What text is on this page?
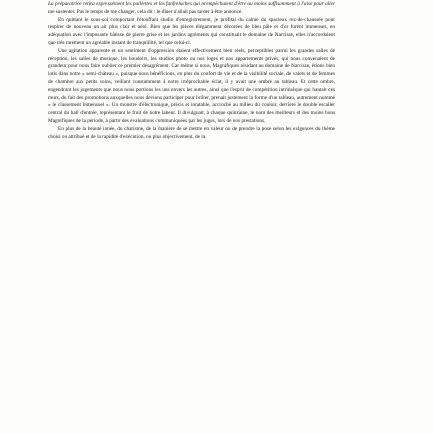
La préparatrice retira expressément les paillettes et les fanfreluches qui m'empêchaient d'être au moins suffisamment à l'aise pour aller me sustenter. Pas le temps de me changer, cela dit : le dîner n'allait pas tarder à être annoncé.

En quittant le sous-sol comportant l'étouffant studio d'enregistrement, je profitai du calme du spacieux rez-de-chaussée pour respirer de nouveau un air plus clair et aéré. Bien que les pièces élégamment décorées de bleu pâle et d'or furent immenses, en adéquation avec l'imposante bâtisse de pierre grise et les jardins agréments qui constituait le domaine de Narcisse, elles n'accordaient que très rarement un agréable instant de tranquillité, tel que celui-ci.

Une agitation apparente et un sentiment d'oppression étaient effectivement bien réels, perceptibles parmi les grandes salles de réception, les salles de musique, les boudoirs, les studios photo ou nos loges et nos appartements privés, qui nous convenaient de grandeur pour nous faire oublier ce premier désagrément. Car même si nous, Magnifiques résidant au domaine de Narcisse, étions bien lotis dans notre « semi-château », puisque nous bénéficions, en plus du confort de vie et de la visibilité sociale, de valets et de femmes de chambre aux petits soins, veillant constamment à notre irréprochable éclat, il y avait une ombre au tableau. Et cette ombre, engendrant les jugements que nous nous portions les uns envers les autres, ainsi que l'esprit de compétition intrinsèque qui hantait ces murs, du fait des promotions auxquelles nous devions participer pour briller, prenait justement la forme d'un tableau, autrement nommé « le classement bimensuel ». Un monstre d'électronique, précis et inratable, accroché au milieu du couloir, derrière le double escalier central du hall d'entrée, représentant le fruit de notre labeur. Il divulguait, à chaque quinzaine, le nom des meilleurs et des moins bons Magnifiques de la période, à partir des évaluations communiquées par les juges, lors de nos prestations.

En plus de la beauté innée, du charisme, de la manière de se mettre en valeur ou de prendre la pose selon les exigences du thème choisi ou attribué et de la rapidité d'exécution, ou plus objectivement, de la
